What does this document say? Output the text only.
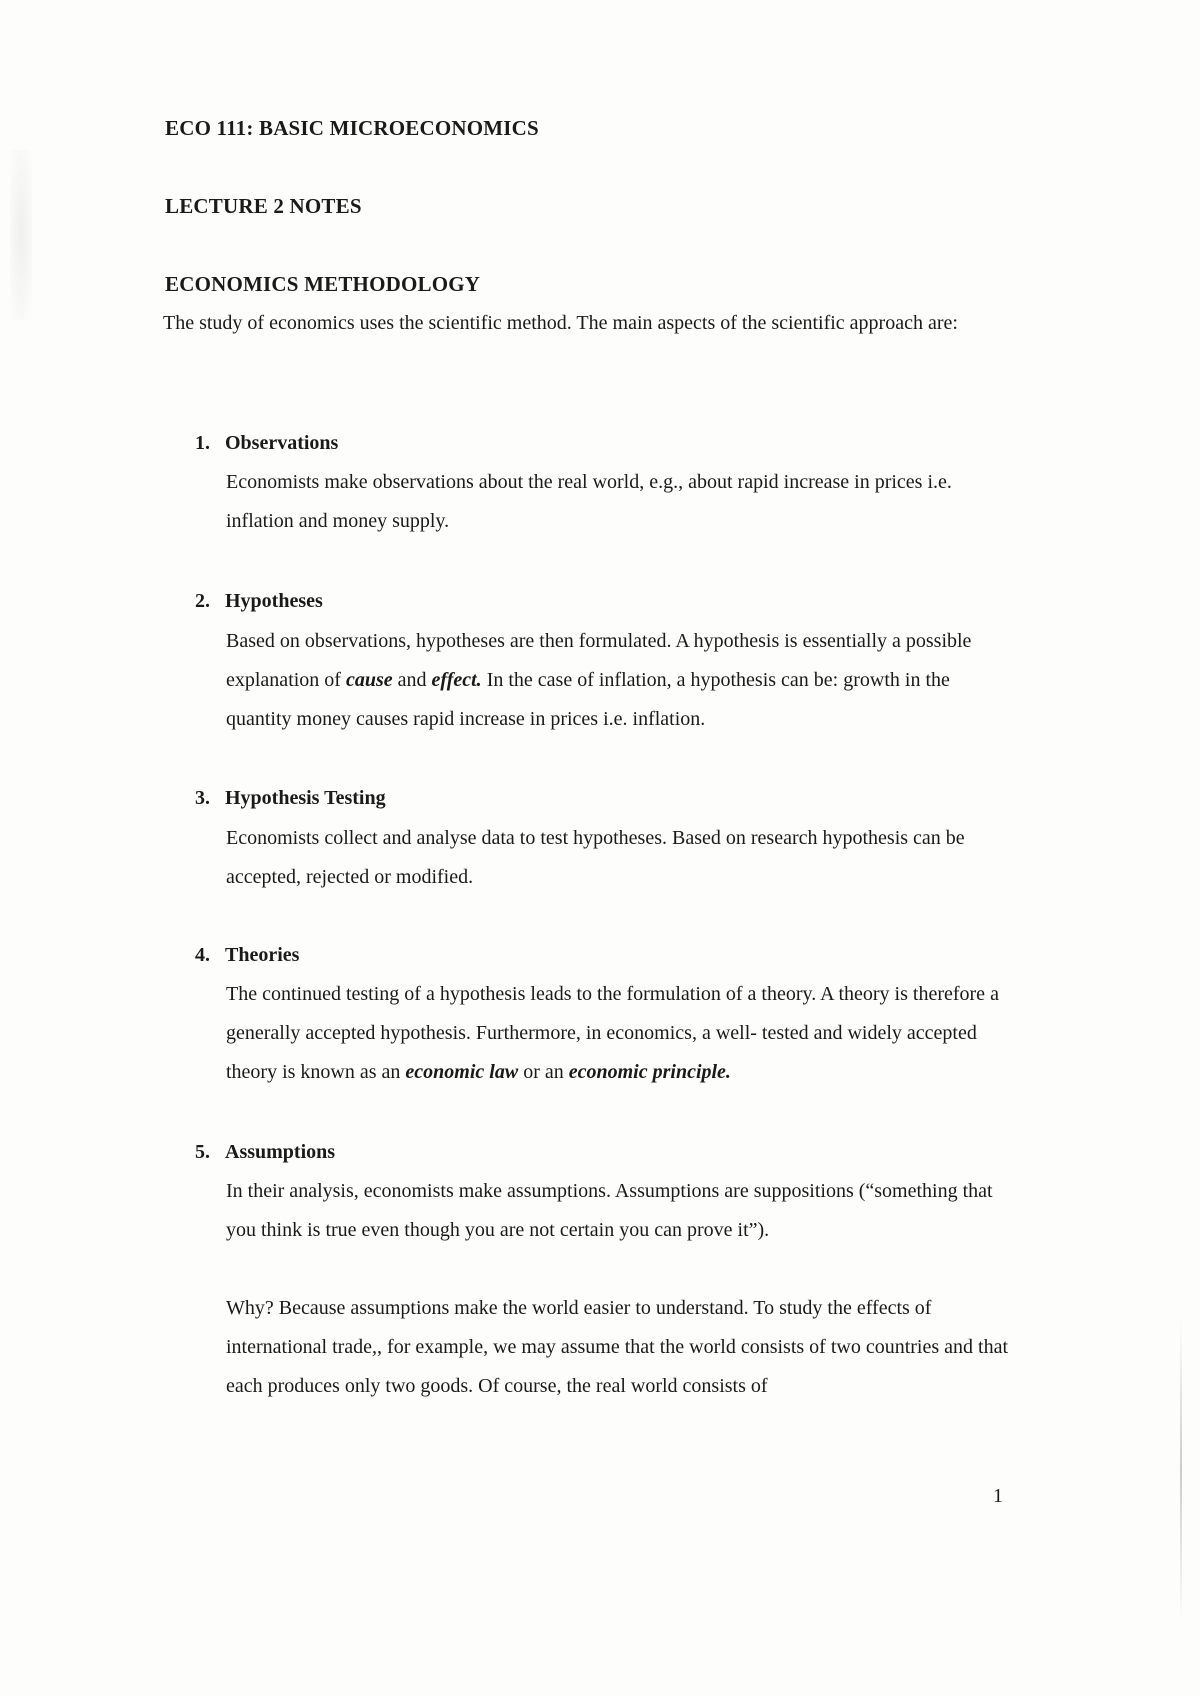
ECO 111: BASIC MICROECONOMICS
LECTURE 2 NOTES
ECONOMICS METHODOLOGY

The study of economics uses the scientific method. The main aspects of the scientific approach are:

1. Observations

Economists make observations about the real world, e.g., about rapid increase in prices i.e. inflation and money supply.

2. Hypotheses

Based on observations, hypotheses are then formulated. A hypothesis is essentially a possible explanation of cause and effect. In the case of inflation, a hypothesis can be: growth in the quantity money causes rapid increase in prices i.e. inflation.

3. Hypothesis Testing

Economists collect and analyse data to test hypotheses. Based on research hypothesis can be accepted, rejected or modified.

4. Theories

The continued testing of a hypothesis leads to the formulation of a theory. A theory is therefore a generally accepted hypothesis. Furthermore, in economics, a well- tested and widely accepted theory is known as an economic law or an economic principle.

5. Assumptions

In their analysis, economists make assumptions. Assumptions are suppositions (“something that you think is true even though you are not certain you can prove it”).

Why? Because assumptions make the world easier to understand. To study the effects of international trade,, for example, we may assume that the world consists of two countries and that each produces only two goods. Of course, the real world consists of

1
